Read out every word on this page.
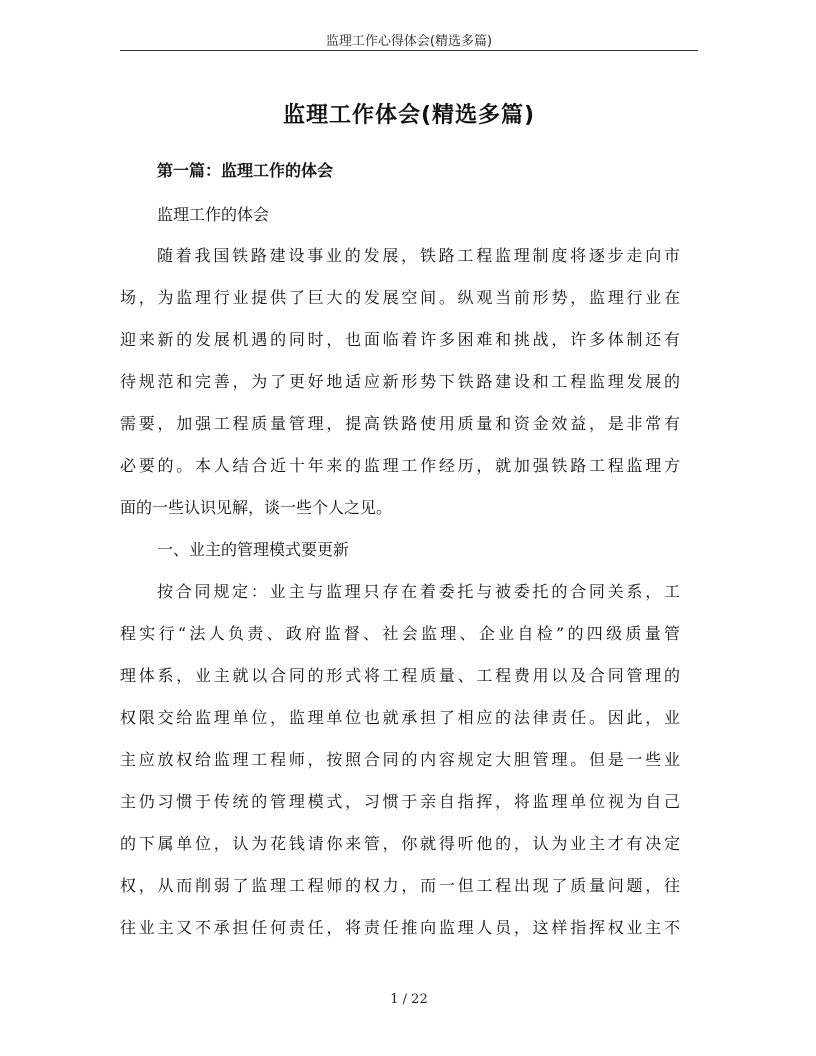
监理工作心得体会(精选多篇)
监理工作体会(精选多篇)
第一篇：监理工作的体会
监理工作的体会
随着我国铁路建设事业的发展，铁路工程监理制度将逐步走向市
场，为监理行业提供了巨大的发展空间。纵观当前形势，监理行业在
迎来新的发展机遇的同时，也面临着许多困难和挑战，许多体制还有
待规范和完善，为了更好地适应新形势下铁路建设和工程监理发展的
需要，加强工程质量管理，提高铁路使用质量和资金效益，是非常有
必要的。本人结合近十年来的监理工作经历，就加强铁路工程监理方
面的一些认识见解，谈一些个人之见。
一、业主的管理模式要更新
按合同规定：业主与监理只存在着委托与被委托的合同关系，工
程实行“法人负责、政府监督、社会监理、企业自检”的四级质量管
理体系，业主就以合同的形式将工程质量、工程费用以及合同管理的
权限交给监理单位，监理单位也就承担了相应的法律责任。因此，业
主应放权给监理工程师，按照合同的内容规定大胆管理。但是一些业
主仍习惯于传统的管理模式，习惯于亲自指挥，将监理单位视为自己
的下属单位，认为花钱请你来管，你就得听他的，认为业主才有决定
权，从而削弱了监理工程师的权力，而一但工程出现了质量问题，往
往业主又不承担任何责任，将责任推向监理人员，这样指挥权业主不
1 / 22
